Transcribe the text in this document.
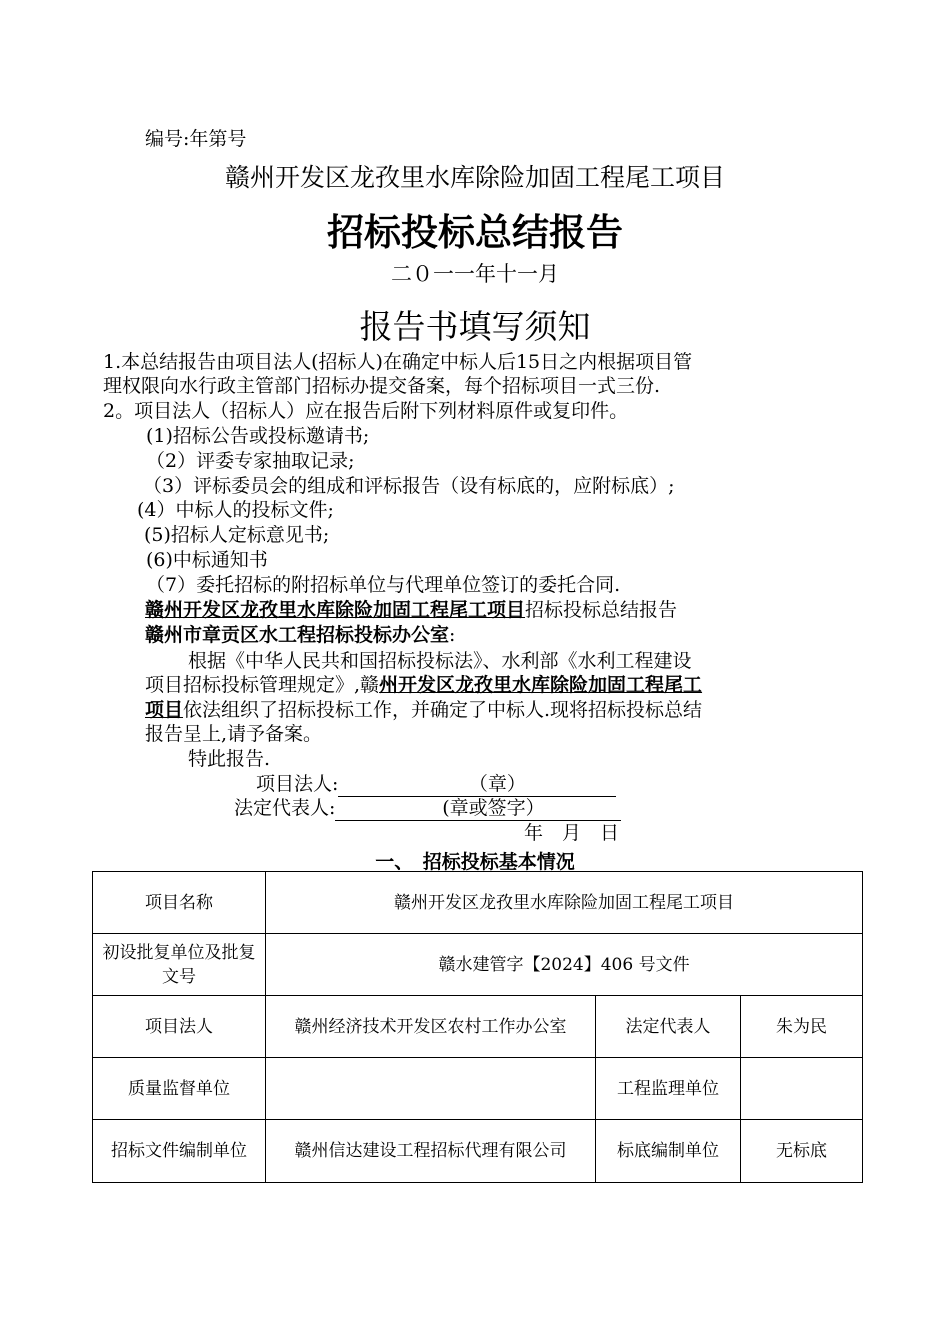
编号:年第号
赣州开发区龙孜里水库除险加固工程尾工项目
招标投标总结报告
二０一一年十一月
报告书填写须知
1.本总结报告由项目法人(招标人)在确定中标人后15日之内根据项目管
理权限向水行政主管部门招标办提交备案，每个招标项目一式三份.
2。项目法人（招标人）应在报告后附下列材料原件或复印件。
(1)招标公告或投标邀请书;
（2）评委专家抽取记录;
（3）评标委员会的组成和评标报告（设有标底的，应附标底）;
(4）中标人的投标文件;
(5)招标人定标意见书;
(6)中标通知书
（7）委托招标的附招标单位与代理单位签订的委托合同.
赣州开发区龙孜里水库除险加固工程尾工项目招标投标总结报告
赣州市章贡区水工程招标投标办公室:
根据《中华人民共和国招标投标法》、水利部《水利工程建设
项目招标投标管理规定》,赣州开发区龙孜里水库除险加固工程尾工
项目依法组织了招标投标工作，并确定了中标人.现将招标投标总结
报告呈上,请予备案。
特此报告.
项目法人:	（章）
法定代表人:	(章或签字）
年　月　日
一、　招标投标基本情况
项目名称	赣州开发区龙孜里水库除险加固工程尾工项目		
初设批复单位及批复文号	赣水建管字【2024】406 号文件		
项目法人	赣州经济技术开发区农村工作办公室	法定代表人	朱为民
质量监督单位		工程监理单位	
招标文件编制单位	赣州信达建设工程招标代理有限公司	标底编制单位	无标底
